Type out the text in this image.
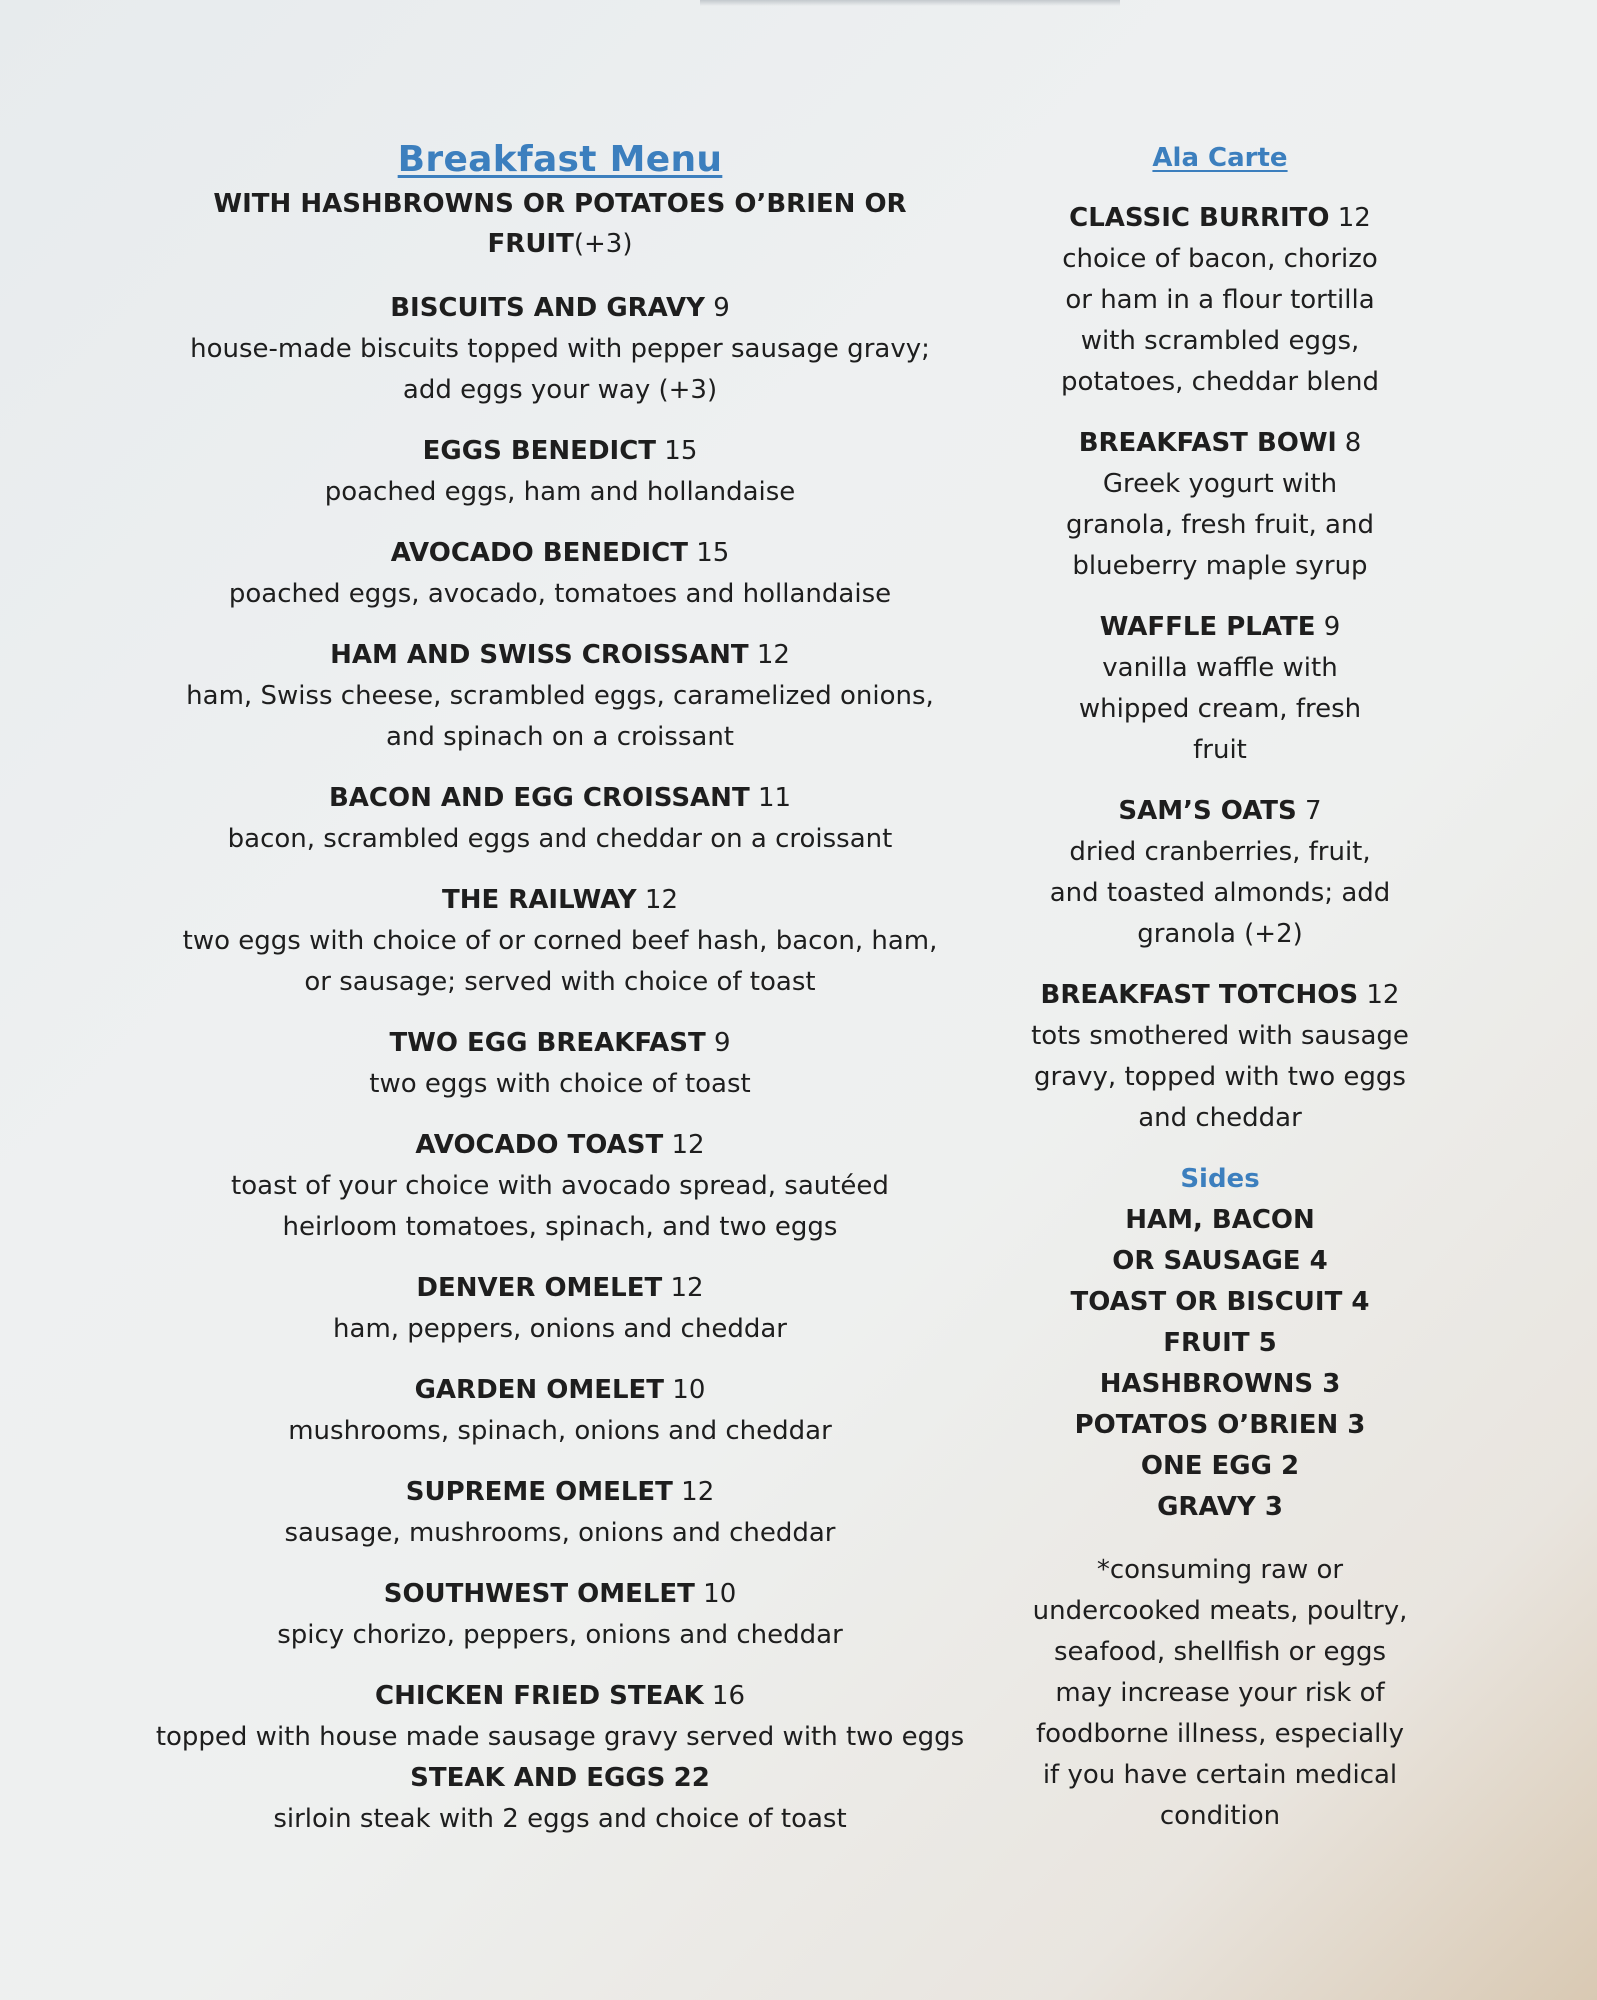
Breakfast Menu
WITH HASHBROWNS OR POTATOES O’BRIEN OR FRUIT(+3)
BISCUITS AND GRAVY 9
house-made biscuits topped with pepper sausage gravy; add eggs your way (+3)
EGGS BENEDICT 15
poached eggs, ham and hollandaise
AVOCADO BENEDICT 15
poached eggs, avocado, tomatoes and hollandaise
HAM AND SWISS CROISSANT 12
ham, Swiss cheese, scrambled eggs, caramelized onions, and spinach on a croissant
BACON AND EGG CROISSANT 11
bacon, scrambled eggs and cheddar on a croissant
THE RAILWAY 12
two eggs with choice of or corned beef hash, bacon, ham, or sausage; served with choice of toast
TWO EGG BREAKFAST 9
two eggs with choice of toast
AVOCADO TOAST 12
toast of your choice with avocado spread, sautéed heirloom tomatoes, spinach, and two eggs
DENVER OMELET 12
ham, peppers, onions and cheddar
GARDEN OMELET 10
mushrooms, spinach, onions and cheddar
SUPREME OMELET 12
sausage, mushrooms, onions and cheddar
SOUTHWEST OMELET 10
spicy chorizo, peppers, onions and cheddar
CHICKEN FRIED STEAK 16
topped with house made sausage gravy served with two eggs
STEAK AND EGGS 22
sirloin steak with 2 eggs and choice of toast
Ala Carte
CLASSIC BURRITO 12
choice of bacon, chorizo or ham in a flour tortilla with scrambled eggs, potatoes, cheddar blend
BREAKFAST BOWl 8
Greek yogurt with granola, fresh fruit, and blueberry maple syrup
WAFFLE PLATE 9 vanilla waffle with whipped cream, fresh fruit
SAM’S OATS 7
dried cranberries, fruit, and toasted almonds; add granola (+2)
BREAKFAST TOTCHOS 12
tots smothered with sausage gravy, topped with two eggs and cheddar
Sides
HAM, BACON
OR SAUSAGE 4
TOAST OR BISCUIT 4
FRUIT 5
HASHBROWNS 3
POTATOS O’BRIEN 3
ONE EGG 2
GRAVY 3
*consuming raw or undercooked meats, poultry, seafood, shellfish or eggs may increase your risk of foodborne illness, especially if you have certain medical condition
